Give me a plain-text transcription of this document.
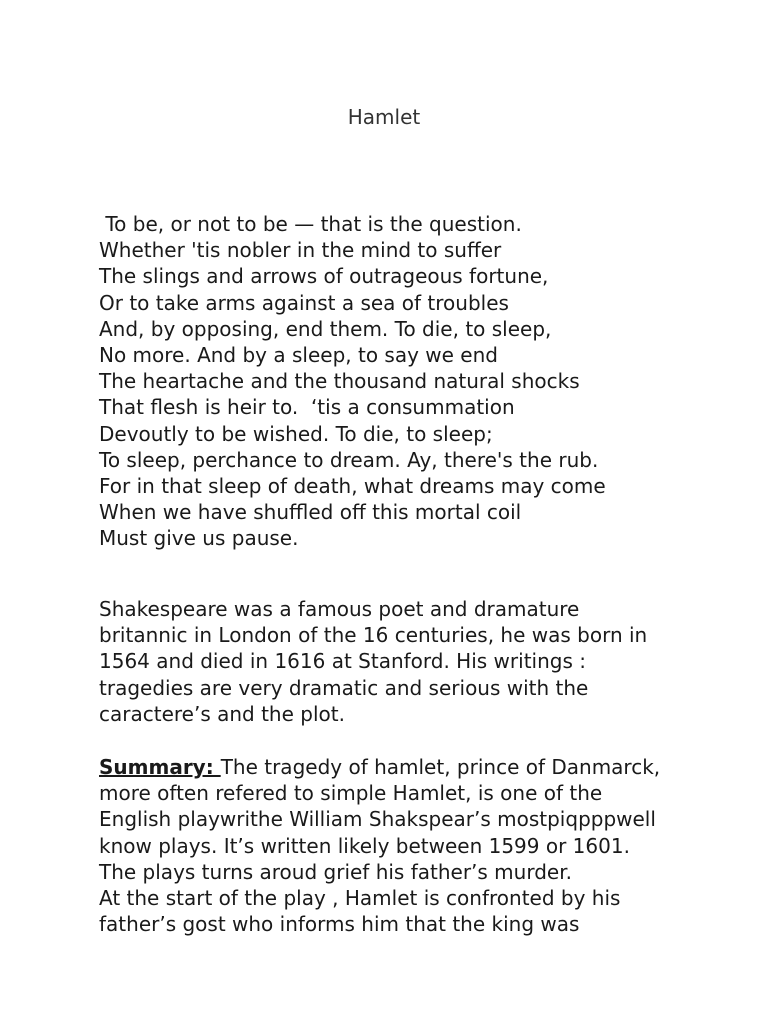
Hamlet
To be, or not to be — that is the question.
Whether 'tis nobler in the mind to suffer
The slings and arrows of outrageous fortune,
Or to take arms against a sea of troubles
And, by opposing, end them. To die, to sleep,
No more. And by a sleep, to say we end
The heartache and the thousand natural shocks
That flesh is heir to.  ‘tis a consummation
Devoutly to be wished. To die, to sleep;
To sleep, perchance to dream. Ay, there's the rub.
For in that sleep of death, what dreams may come
When we have shuffled off this mortal coil
Must give us pause.
Shakespeare was a famous poet and dramature
britannic in London of the 16 centuries, he was born in
1564 and died in 1616 at Stanford. His writings :
tragedies are very dramatic and serious with the
caractere’s and the plot.
Summary: The tragedy of hamlet, prince of Danmarck,
more often refered to simple Hamlet, is one of the
English playwrithe William Shakspear’s mostpiqpppwell
know plays. It’s written likely between 1599 or 1601.
The plays turns aroud grief his father’s murder.
At the start of the play , Hamlet is confronted by his
father’s gost who informs him that the king was
